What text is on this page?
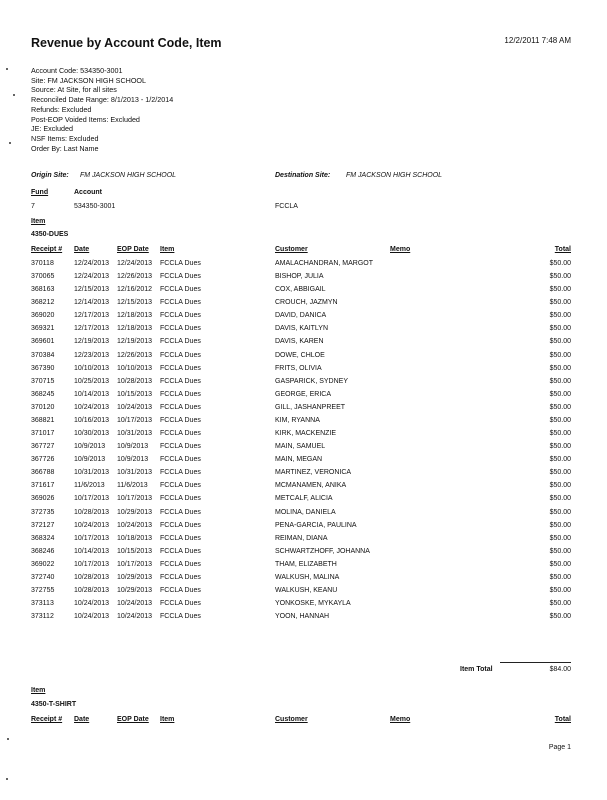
Revenue by Account Code, Item	12/2/2011 7:48 AM
Account Code: 534350-3001
Site: FM JACKSON HIGH SCHOOL
Source: At Site, for all sites
Reconciled Date Range: 8/1/2013 - 1/2/2014
Refunds: Excluded
Post-EOP Voided Items: Excluded
JE: Excluded
NSF Items: Excluded
Order By: Last Name
Origin Site: FM JACKSON HIGH SCHOOL	Destination Site: FM JACKSON HIGH SCHOOL
Fund	Account
7	534350-3001	FCCLA
Item
4350-DUES
Receipt # Date	EOP Date Item	Customer	Memo	Total
370118	12/24/2013 12/24/2013 FCCLA Dues	AMALACHANDRAN, MARGOT	$50.00
370065	12/24/2013 12/26/2013 FCCLA Dues	BISHOP, JULIA	$50.00
368163	12/15/2013 12/16/2012 FCCLA Dues	COX, ABBIGAIL	$50.00
368212	12/14/2013 12/15/2013 FCCLA Dues	CROUCH, JAZMYN	$50.00
369020	12/17/2013 12/18/2013 FCCLA Dues	DAVID, DANICA	$50.00
369321	12/17/2013 12/18/2013 FCCLA Dues	DAVIS, KAITLYN	$50.00
369601	12/19/2013 12/19/2013 FCCLA Dues	DAVIS, KAREN	$50.00
370384	12/23/2013 12/26/2013 FCCLA Dues	DOWE, CHLOE	$50.00
367390	10/10/2013 10/10/2013 FCCLA Dues	FRITS, OLIVIA	$50.00
370715	10/25/2013 10/28/2013 FCCLA Dues	GASPARICK, SYDNEY	$50.00
368245	10/14/2013 10/15/2013 FCCLA Dues	GEORGE, ERICA	$50.00
370120	10/24/2013 10/24/2013 FCCLA Dues	GILL, JASHANPREET	$50.00
368821	10/16/2013 10/17/2013 FCCLA Dues	KIM, RYANNA	$50.00
371017	10/30/2013 10/31/2013 FCCLA Dues	KIRK, MACKENZIE	$50.00
367727	10/9/2013 10/9/2013 FCCLA Dues	MAIN, SAMUEL	$50.00
367726	10/9/2013 10/9/2013 FCCLA Dues	MAIN, MEGAN	$50.00
366788	10/31/2013 10/31/2013 FCCLA Dues	MARTINEZ, VERONICA	$50.00
371617	11/6/2013 11/6/2013 FCCLA Dues	MCMANAMEN, ANIKA	$50.00
369026	10/17/2013 10/17/2013 FCCLA Dues	METCALF, ALICIA	$50.00
372735	10/28/2013 10/29/2013 FCCLA Dues	MOLINA, DANIELA	$50.00
372127	10/24/2013 10/24/2013 FCCLA Dues	PENA-GARCIA, PAULINA	$50.00
368324	10/17/2013 10/18/2013 FCCLA Dues	REIMAN, DIANA	$50.00
368246	10/14/2013 10/15/2013 FCCLA Dues	SCHWARTZHOFF, JOHANNA	$50.00
369022	10/17/2013 10/17/2013 FCCLA Dues	THAM, ELIZABETH	$50.00
372740	10/28/2013 10/29/2013 FCCLA Dues	WALKUSH, MALINA	$50.00
372755	10/28/2013 10/29/2013 FCCLA Dues	WALKUSH, KEANU	$50.00
373113	10/24/2013 10/24/2013 FCCLA Dues	YONKOSKE, MYKAYLA	$50.00
373112	10/24/2013 10/24/2013 FCCLA Dues	YOON, HANNAH	$50.00
Item Total	$84.00
Item
4350-T-SHIRT
Receipt # Date	EOP Date Item	Customer	Memo	Total
Page 1
